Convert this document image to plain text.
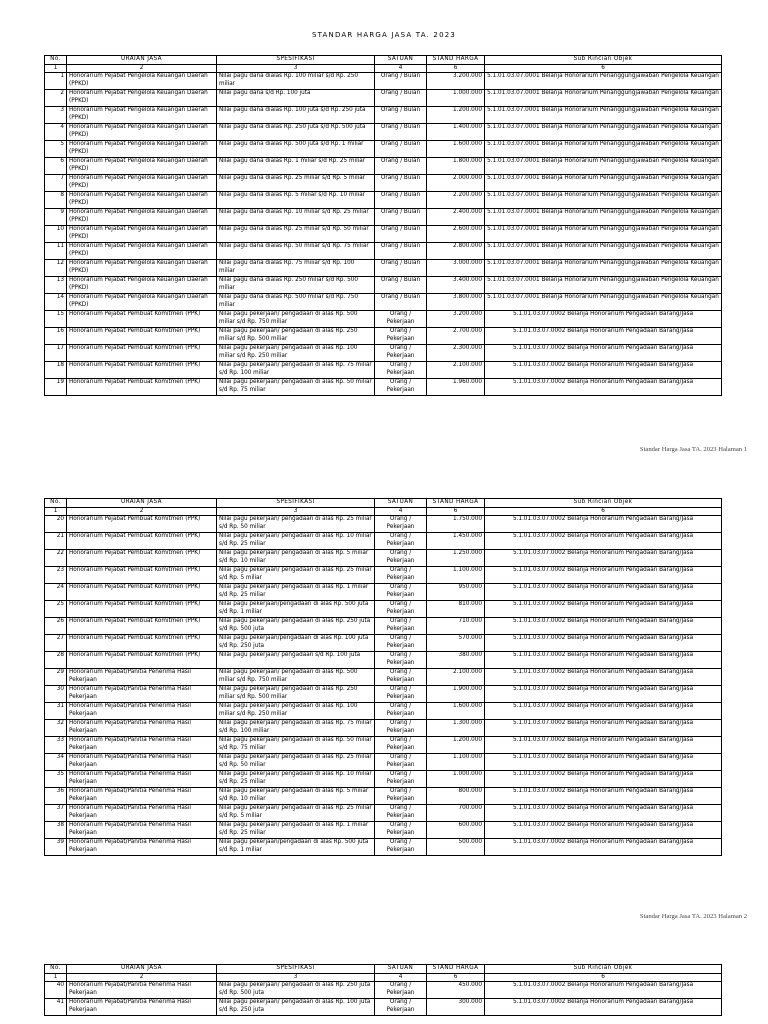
STANDAR HARGA JASA TA. 2023
No.	URAIAN JASA	SPESIFIKASI	SATUAN	STAND HARGA	Sub Rincian Objek
1	2	3	4	6	6
1	Honorarium Pejabat Pengelola Keuangan Daerah (PPKD)	Nilai pagu dana dialas Rp. 100 miliar s/d Rp. 250 miliar	Orang / Bulan	3.200.000	5.1.01.03.07.0001 Belanja Honorarium Penanggungjawaban Pengelola Keuangan
2	Honorarium Pejabat Pengelola Keuangan Daerah (PPKD)	Nilai pagu dana s/d Rp. 100 juta	Orang / Bulan	1.000.000	5.1.01.03.07.0001 Belanja Honorarium Penanggungjawaban Pengelola Keuangan
3	Honorarium Pejabat Pengelola Keuangan Daerah (PPKD)	Nilai pagu dana dialas Rp. 100 juta s/d Rp. 250 juta	Orang / Bulan	1.200.000	5.1.01.03.07.0001 Belanja Honorarium Penanggungjawaban Pengelola Keuangan
4	Honorarium Pejabat Pengelola Keuangan Daerah (PPKD)	Nilai pagu dana dialas Rp. 250 juta s/d Rp. 500 juta	Orang / Bulan	1.400.000	5.1.01.03.07.0001 Belanja Honorarium Penanggungjawaban Pengelola Keuangan
5	Honorarium Pejabat Pengelola Keuangan Daerah (PPKD)	Nilai pagu dana dialas Rp. 500 juta s/d Rp. 1 miliar	Orang / Bulan	1.600.000	5.1.01.03.07.0001 Belanja Honorarium Penanggungjawaban Pengelola Keuangan
6	Honorarium Pejabat Pengelola Keuangan Daerah (PPKD)	Nilai pagu dana dialas Rp. 1 miliar s/d Rp. 25 miliar	Orang / Bulan	1.800.000	5.1.01.03.07.0001 Belanja Honorarium Penanggungjawaban Pengelola Keuangan
7	Honorarium Pejabat Pengelola Keuangan Daerah (PPKD)	Nilai pagu dana dialas Rp. 25 miliar s/d Rp. 5 miliar	Orang / Bulan	2.000.000	5.1.01.03.07.0001 Belanja Honorarium Penanggungjawaban Pengelola Keuangan
8	Honorarium Pejabat Pengelola Keuangan Daerah (PPKD)	Nilai pagu dana dialas Rp. 5 miliar s/d Rp. 10 miliar	Orang / Bulan	2.200.000	5.1.01.03.07.0001 Belanja Honorarium Penanggungjawaban Pengelola Keuangan
9	Honorarium Pejabat Pengelola Keuangan Daerah (PPKD)	Nilai pagu dana dialas Rp. 10 miliar s/d Rp. 25 miliar	Orang / Bulan	2.400.000	5.1.01.03.07.0001 Belanja Honorarium Penanggungjawaban Pengelola Keuangan
10	Honorarium Pejabat Pengelola Keuangan Daerah (PPKD)	Nilai pagu dana dialas Rp. 25 miliar s/d Rp. 50 miliar	Orang / Bulan	2.600.000	5.1.01.03.07.0001 Belanja Honorarium Penanggungjawaban Pengelola Keuangan
11	Honorarium Pejabat Pengelola Keuangan Daerah (PPKD)	Nilai pagu dana dialas Rp. 50 miliar s/d Rp. 75 miliar	Orang / Bulan	2.800.000	5.1.01.03.07.0001 Belanja Honorarium Penanggungjawaban Pengelola Keuangan
12	Honorarium Pejabat Pengelola Keuangan Daerah (PPKD)	Nilai pagu dana dialas Rp. 75 miliar s/d Rp. 100 miliar	Orang / Bulan	3.000.000	5.1.01.03.07.0001 Belanja Honorarium Penanggungjawaban Pengelola Keuangan
13	Honorarium Pejabat Pengelola Keuangan Daerah (PPKD)	Nilai pagu dana dialas Rp. 250 miliar s/d Rp. 500 miliar	Orang / Bulan	3.400.000	5.1.01.03.07.0001 Belanja Honorarium Penanggungjawaban Pengelola Keuangan
14	Honorarium Pejabat Pengelola Keuangan Daerah (PPKD)	Nilai pagu dana dialas Rp. 500 miliar s/d Rp. 750 miliar	Orang / Bulan	3.800.000	5.1.01.03.07.0001 Belanja Honorarium Penanggungjawaban Pengelola Keuangan
15	Honorarium Pejabat Pembuat Komitmen (PPK)	Nilai pagu pekerjaan/ pengadaan di alas Rp. 500 miliar s/d Rp. 750 miliar	Orang / Pekerjaan	3.200.000	5.1.01.03.07.0002 Belanja Honorarium Pengadaan Barang/Jasa
16	Honorarium Pejabat Pembuat Komitmen (PPK)	Nilai pagu pekerjaan/ pengadaan di alas Rp. 250 miliar s/d Rp. 500 miliar	Orang / Pekerjaan	2.700.000	5.1.01.03.07.0002 Belanja Honorarium Pengadaan Barang/Jasa
17	Honorarium Pejabat Pembuat Komitmen (PPK)	Nilai pagu pekerjaan/ pengadaan di alas Rp. 100 miliar s/d Rp. 250 miliar	Orang / Pekerjaan	2.300.000	5.1.01.03.07.0002 Belanja Honorarium Pengadaan Barang/Jasa
18	Honorarium Pejabat Pembuat Komitmen (PPK)	Nilai pagu pekerjaan/ pengadaan di alas Rp. 75 miliar s/d Rp. 100 miliar	Orang / Pekerjaan	2.100.000	5.1.01.03.07.0002 Belanja Honorarium Pengadaan Barang/Jasa
19	Honorarium Pejabat Pembuat Komitmen (PPK)	Nilai pagu pekerjaan/ pengadaan di alas Rp. 50 miliar s/d Rp. 75 miliar	Orang / Pekerjaan	1.960.000	5.1.01.03.07.0002 Belanja Honorarium Pengadaan Barang/Jasa
Standar Harga Jasa TA. 2023 Halaman 1
No.	URAIAN JASA	SPESIFIKASI	SATUAN	STAND HARGA	Sub Rincian Objek
1	2	3	4	6	6
20	Honorarium Pejabat Pembuat Komitmen (PPK)	Nilai pagu pekerjaan/ pengadaan di alas Rp. 25 miliar s/d Rp. 50 miliar	Orang / Pekerjaan	1.750.000	5.1.01.03.07.0002 Belanja Honorarium Pengadaan Barang/Jasa
21	Honorarium Pejabat Pembuat Komitmen (PPK)	Nilai pagu pekerjaan/ pengadaan di alas Rp. 10 miliar s/d Rp. 25 miliar	Orang / Pekerjaan	1.450.000	5.1.01.03.07.0002 Belanja Honorarium Pengadaan Barang/Jasa
22	Honorarium Pejabat Pembuat Komitmen (PPK)	Nilai pagu pekerjaan/ pengadaan di alas Rp. 5 miliar s/d Rp. 10 miliar	Orang / Pekerjaan	1.250.000	5.1.01.03.07.0002 Belanja Honorarium Pengadaan Barang/Jasa
23	Honorarium Pejabat Pembuat Komitmen (PPK)	Nilai pagu pekerjaan/ pengadaan di alas Rp. 25 miliar s/d Rp. 5 miliar	Orang / Pekerjaan	1.100.000	5.1.01.03.07.0002 Belanja Honorarium Pengadaan Barang/Jasa
24	Honorarium Pejabat Pembuat Komitmen (PPK)	Nilai pagu pekerjaan/ pengadaan di alas Rp. 1 miliar s/d Rp. 25 miliar	Orang / Pekerjaan	950.000	5.1.01.03.07.0002 Belanja Honorarium Pengadaan Barang/Jasa
25	Honorarium Pejabat Pembuat Komitmen (PPK)	Nilai pagu pekerjaan/pengadaan di alas Rp. 500 juta s/d Rp. 1 miliar	Orang / Pekerjaan	810.000	5.1.01.03.07.0002 Belanja Honorarium Pengadaan Barang/Jasa
26	Honorarium Pejabat Pembuat Komitmen (PPK)	Nilai pagu pekerjaan/ pengadaan di alas Rp. 250 juta s/d Rp. 500 juta	Orang / Pekerjaan	710.000	5.1.01.03.07.0002 Belanja Honorarium Pengadaan Barang/Jasa
27	Honorarium Pejabat Pembuat Komitmen (PPK)	Nilai pagu pekerjaan/pengadaan di alas Rp. 100 juta s/d Rp. 250 juta	Orang / Pekerjaan	570.000	5.1.01.03.07.0002 Belanja Honorarium Pengadaan Barang/Jasa
28	Honorarium Pejabat Pembuat Komitmen (PPK)	Nilai pagu pekerjaan/ pengadaan s/d Rp. 100 juta	Orang / Pekerjaan	380.000	5.1.01.03.07.0002 Belanja Honorarium Pengadaan Barang/Jasa
29	Honorarium Pejabat/Panitia Penerima Hasil Pekerjaan	Nilai pagu pekerjaan/ pengadaan di alas Rp. 500 miliar s/d Rp. 750 miliar	Orang / Pekerjaan	2.100.000	5.1.01.03.07.0002 Belanja Honorarium Pengadaan Barang/Jasa
30	Honorarium Pejabat/Panitia Penerima Hasil Pekerjaan	Nilai pagu pekerjaan/ pengadaan di alas Rp. 250 miliar s/d Rp. 500 miliar	Orang / Pekerjaan	1.900.000	5.1.01.03.07.0002 Belanja Honorarium Pengadaan Barang/Jasa
31	Honorarium Pejabat/Panitia Penerima Hasil Pekerjaan	Nilai pagu pekerjaan/ pengadaan di alas Rp. 100 miliar s/d Rp. 250 miliar	Orang / Pekerjaan	1.600.000	5.1.01.03.07.0002 Belanja Honorarium Pengadaan Barang/Jasa
32	Honorarium Pejabat/Panitia Penerima Hasil Pekerjaan	Nilai pagu pekerjaan/ pengadaan di alas Rp. 75 miliar s/d Rp. 100 miliar	Orang / Pekerjaan	1.300.000	5.1.01.03.07.0002 Belanja Honorarium Pengadaan Barang/Jasa
33	Honorarium Pejabat/Panitia Penerima Hasil Pekerjaan	Nilai pagu pekerjaan/ pengadaan di alas Rp. 50 miliar s/d Rp. 75 miliar	Orang / Pekerjaan	1.200.000	5.1.01.03.07.0002 Belanja Honorarium Pengadaan Barang/Jasa
34	Honorarium Pejabat/Panitia Penerima Hasil Pekerjaan	Nilai pagu pekerjaan/ pengadaan di alas Rp. 25 miliar s/d Rp. 50 miliar	Orang / Pekerjaan	1.100.000	5.1.01.03.07.0002 Belanja Honorarium Pengadaan Barang/Jasa
35	Honorarium Pejabat/Panitia Penerima Hasil Pekerjaan	Nilai pagu pekerjaan/ pengadaan di alas Rp. 10 miliar s/d Rp. 25 miliar	Orang / Pekerjaan	1.000.000	5.1.01.03.07.0002 Belanja Honorarium Pengadaan Barang/Jasa
36	Honorarium Pejabat/Panitia Penerima Hasil Pekerjaan	Nilai pagu pekerjaan/ pengadaan di alas Rp. 5 miliar s/d Rp. 10 miliar	Orang / Pekerjaan	800.000	5.1.01.03.07.0002 Belanja Honorarium Pengadaan Barang/Jasa
37	Honorarium Pejabat/Panitia Penerima Hasil Pekerjaan	Nilai pagu pekerjaan/ pengadaan di alas Rp. 25 miliar s/d Rp. 5 miliar	Orang / Pekerjaan	700.000	5.1.01.03.07.0002 Belanja Honorarium Pengadaan Barang/Jasa
38	Honorarium Pejabat/Panitia Penerima Hasil Pekerjaan	Nilai pagu pekerjaan/ pengadaan di alas Rp. 1 miliar s/d Rp. 25 miliar	Orang / Pekerjaan	600.000	5.1.01.03.07.0002 Belanja Honorarium Pengadaan Barang/Jasa
39	Honorarium Pejabat/Panitia Penerima Hasil Pekerjaan	Nilai pagu pekerjaan/pengadaan di alas Rp. 500 juta s/d Rp. 1 miliar	Orang / Pekerjaan	500.000	5.1.01.03.07.0002 Belanja Honorarium Pengadaan Barang/Jasa
Standar Harga Jasa TA. 2023 Halaman 2
No.	URAIAN JASA	SPESIFIKASI	SATUAN	STAND HARGA	Sub Rincian Objek
1	2	3	4	6	6
40	Honorarium Pejabat/Panitia Penerima Hasil Pekerjaan	Nilai pagu pekerjaan/ pengadaan di alas Rp. 250 juta s/d Rp. 500 juta	Orang / Pekerjaan	450.000	5.1.01.03.07.0002 Belanja Honorarium Pengadaan Barang/Jasa
41	Honorarium Pejabat/Panitia Penerima Hasil Pekerjaan	Nilai pagu pekerjaan/ pengadaan di alas Rp. 100 juta s/d Rp. 250 juta	Orang / Pekerjaan	300.000	5.1.01.03.07.0002 Belanja Honorarium Pengadaan Barang/Jasa
